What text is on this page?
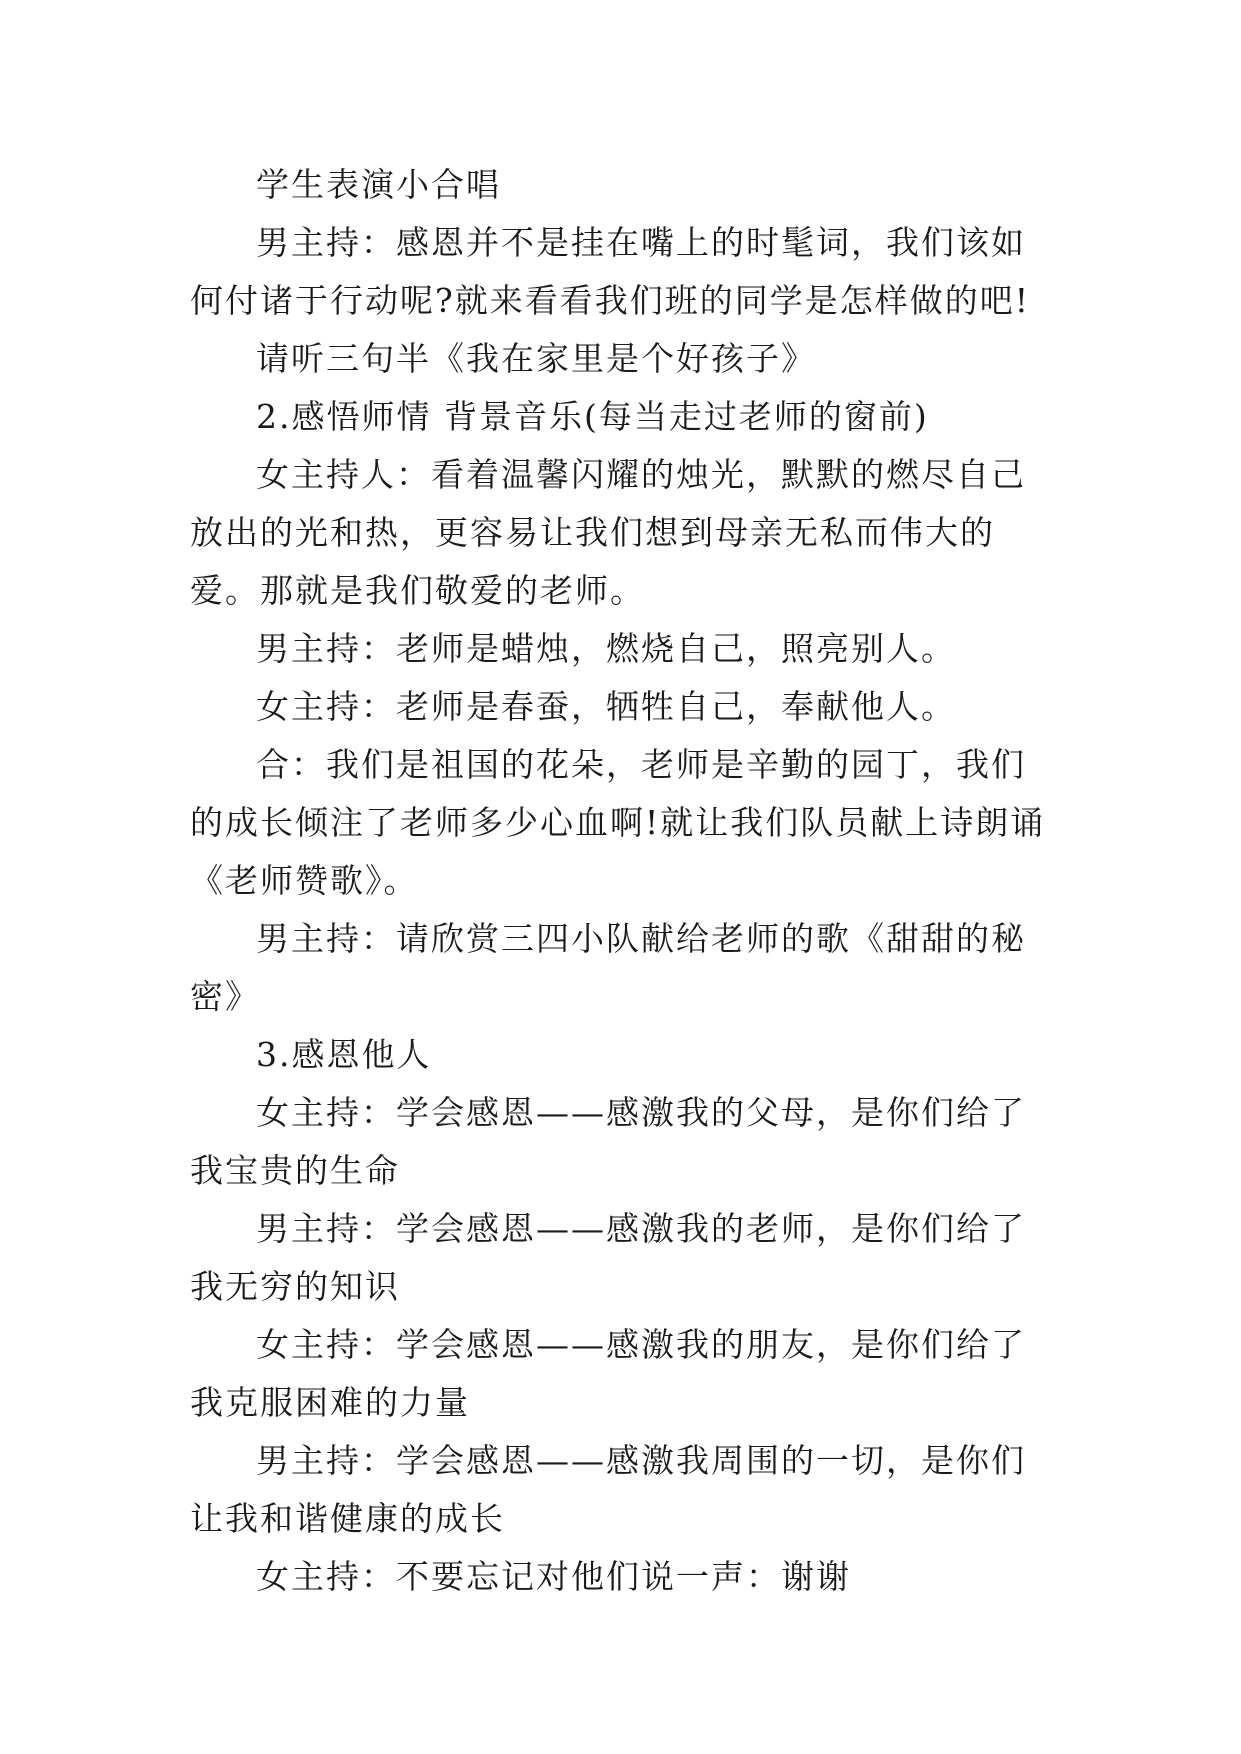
学生表演小合唱

男主持：感恩并不是挂在嘴上的时髦词，我们该如何付诸于行动呢?就来看看我们班的同学是怎样做的吧!

请听三句半《我在家里是个好孩子》

2.感悟师情 背景音乐(每当走过老师的窗前)

女主持人：看着温馨闪耀的烛光，默默的燃尽自己放出的光和热，更容易让我们想到母亲无私而伟大的爱。那就是我们敬爱的老师。

男主持：老师是蜡烛，燃烧自己，照亮别人。

女主持：老师是春蚕，牺牲自己，奉献他人。

合：我们是祖国的花朵，老师是辛勤的园丁，我们的成长倾注了老师多少心血啊!就让我们队员献上诗朗诵《老师赞歌》。

男主持：请欣赏三四小队献给老师的歌《甜甜的秘密》

3.感恩他人

女主持：学会感恩——感激我的父母，是你们给了我宝贵的生命

男主持：学会感恩——感激我的老师，是你们给了我无穷的知识

女主持：学会感恩——感激我的朋友，是你们给了我克服困难的力量

男主持：学会感恩——感激我周围的一切，是你们让我和谐健康的成长

女主持：不要忘记对他们说一声：谢谢
